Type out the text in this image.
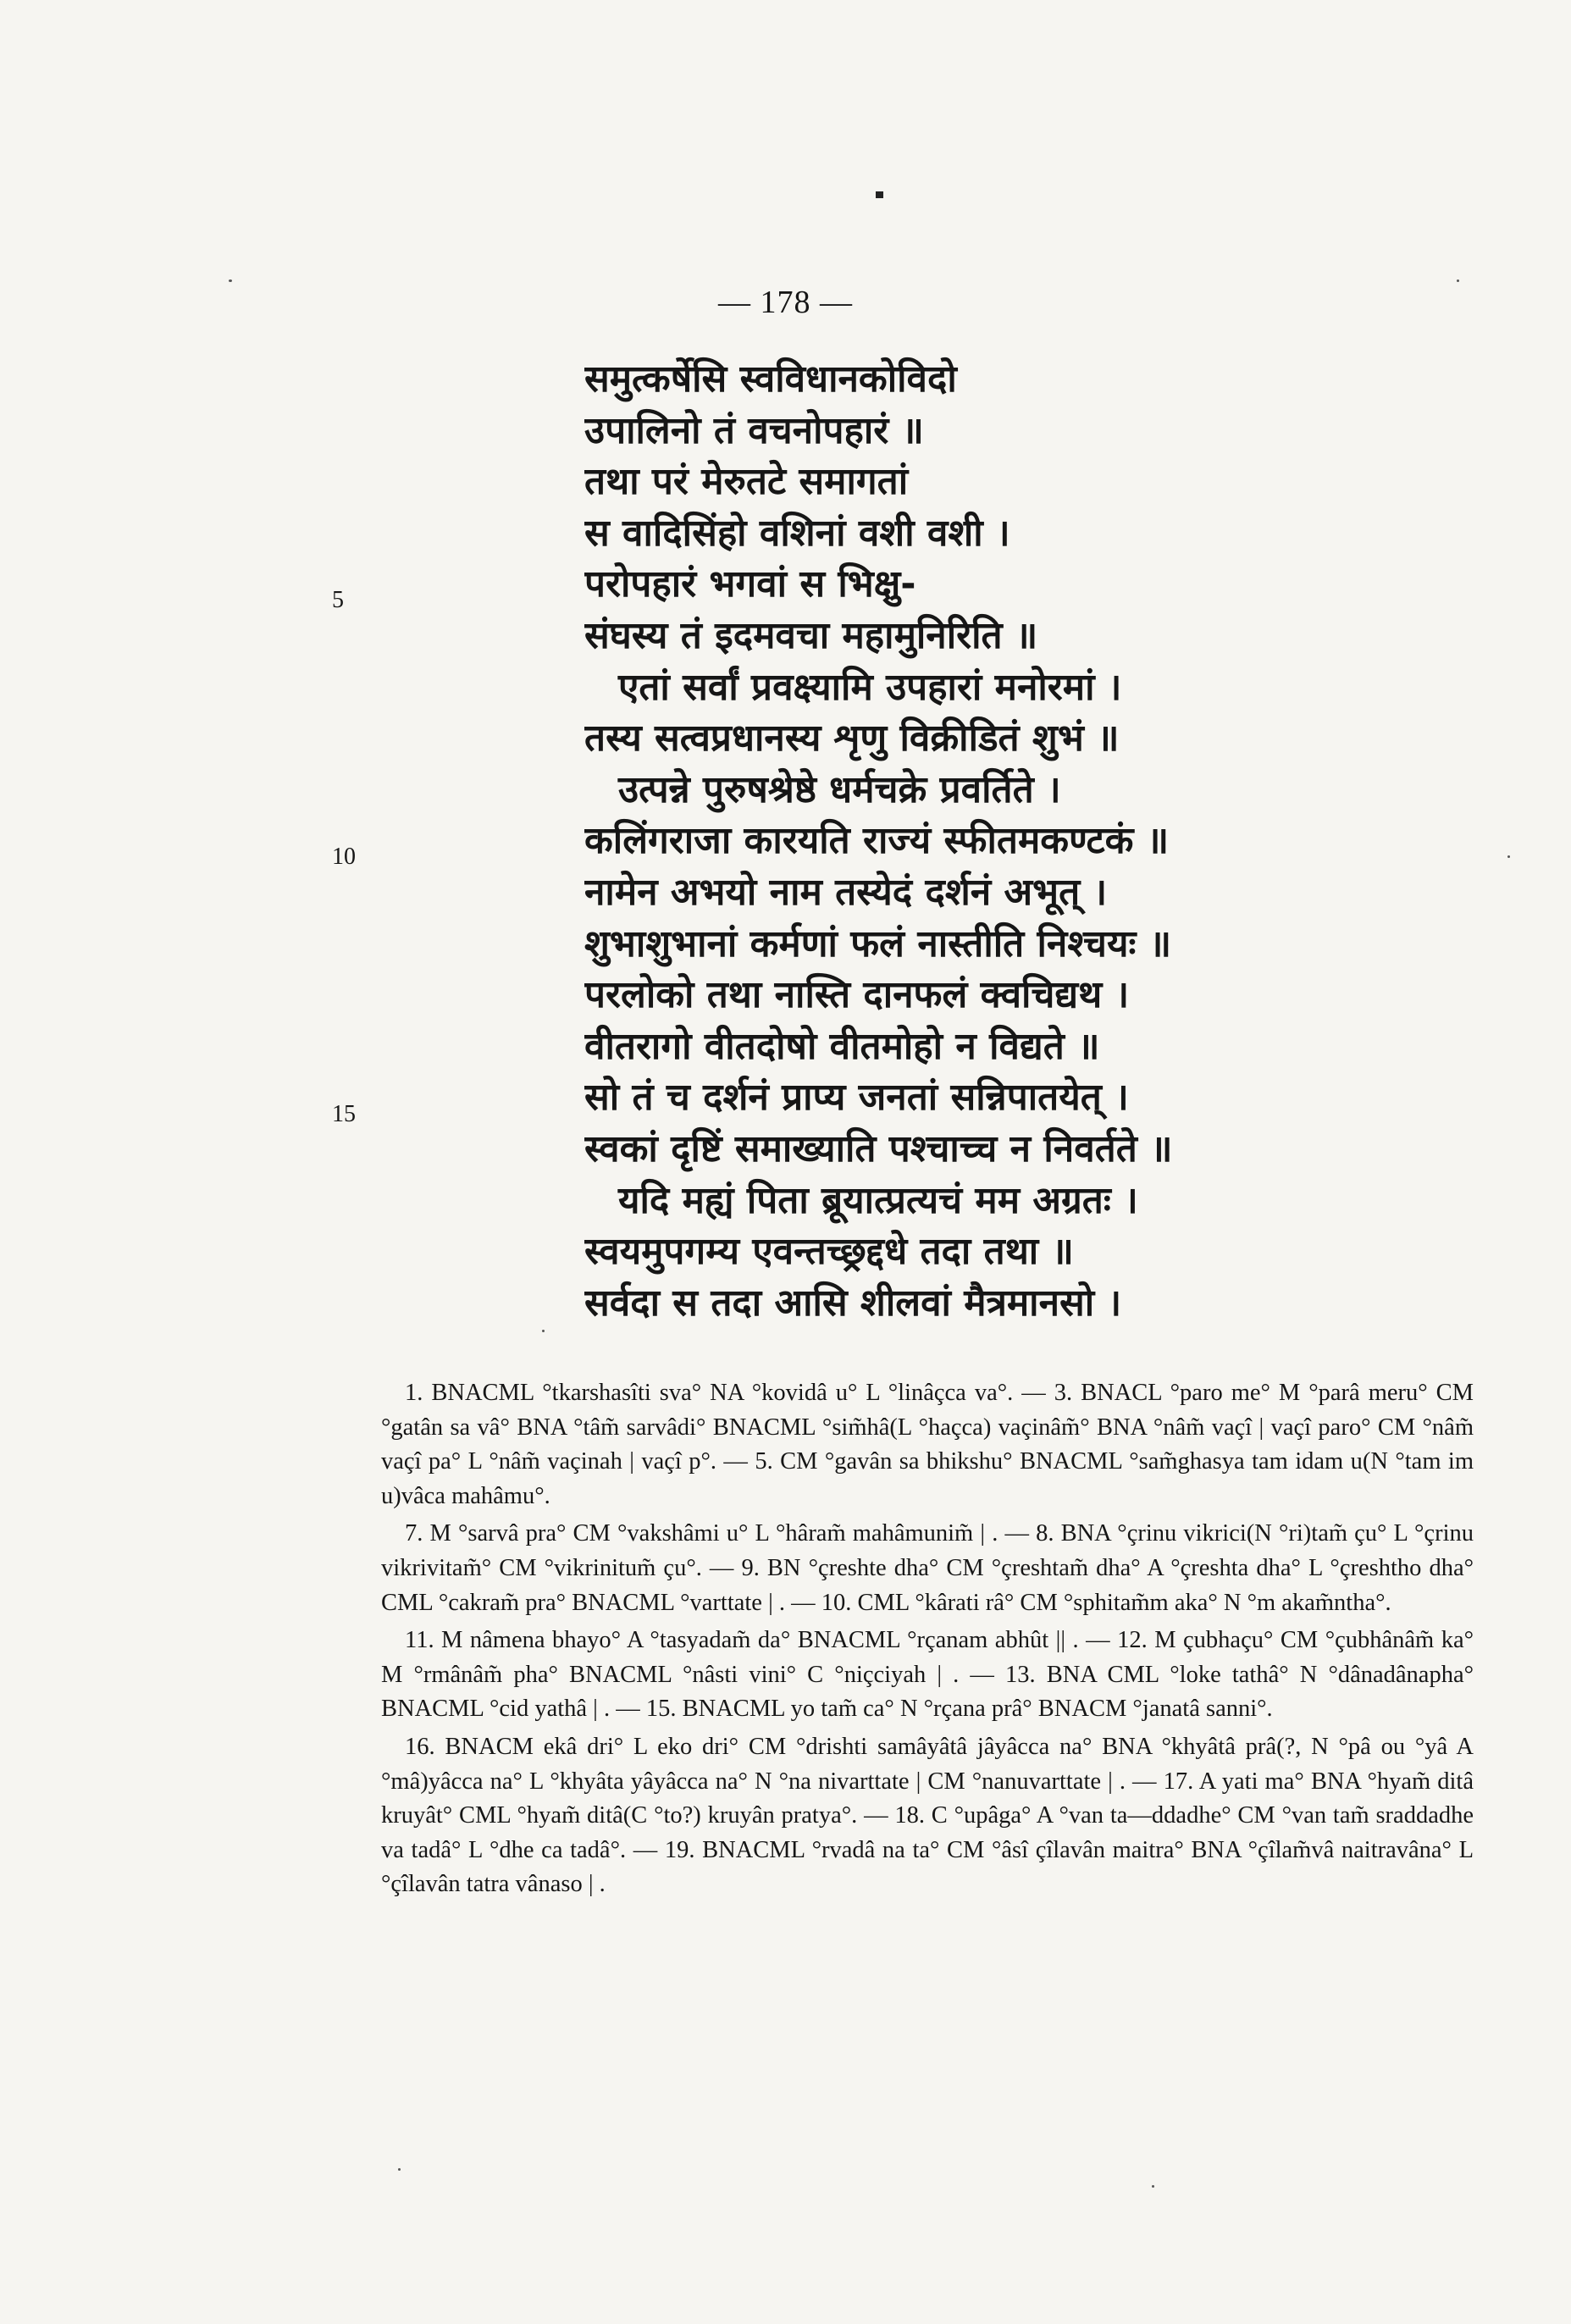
— 178 —
समुत्कर्षेसि स्वविधानकोविदो
उपालिनो तं वचनोपहारं ॥
तथा परं मेरुतटे समागतां
स वादिसिंहो वशिनां वशी वशी ।
परोपहारं भगवां स भिक्षु-
संघस्य तं इदमवचा महामुनिरिति ॥
एतां सर्वां प्रवक्ष्यामि उपहारां मनोरमां ।
तस्य सत्वप्रधानस्य शृणु विक्रीडितं शुभं ॥
उत्पन्ने पुरुषश्रेष्ठे धर्मचक्रे प्रवर्तिते ।
कलिंगराजा कारयति राज्यं स्फीतमकण्टकं ॥
नामेन अभयो नाम तस्येदं दर्शनं अभूत् ।
शुभाशुभानां कर्मणां फलं नास्तीति निश्चयः ॥
परलोको तथा नास्ति दानफलं क्वचिद्यथ ।
वीतरागो वीतदोषो वीतमोहो न विद्यते ॥
सो तं च दर्शनं प्राप्य जनतां सन्निपातयेत् ।
स्वकां दृष्टिं समाख्याति पश्चाच्च न निवर्तते ॥
यदि मह्यं पिता ब्रूयात्प्रत्यचं मम अग्रतः ।
स्वयमुपगम्य एवन्तच्छ्रद्दधे तदा तथा ॥
सर्वदा स तदा आसि शीलवां मैत्रमानसो ।
5
10
15

1. BNACML °tkarshasîti sva° NA °kovidâ u° L °linâçca va°. — 3. BNACL °paro me° M °parâ meru° CM °gatân sa vâ° BNA °tâm̃ sarvâdi° BNACML °sim̃hâ(L °haçca) vaçinâm̃° BNA °nâm̃ vaçî | vaçî paro° CM °nâm̃ vaçî pa° L °nâm̃ vaçinah | vaçî p°. — 5. CM °gavân sa bhikshu° BNACML °sam̃ghasya tam idam u(N °tam im u)vâca mahâmu°.

7. M °sarvâ pra° CM °vakshâmi u° L °hâram̃ mahâmunim̃ | . — 8. BNA °çrinu vikrici(N °ri)tam̃ çu° L °çrinu vikrivitam̃° CM °vikrinitum̃ çu°. — 9. BN °çreshte dha° CM °çreshtam̃ dha° A °çreshta dha° L °çreshtho dha° CML °cakram̃ pra° BNACML °varttate | . — 10. CML °kârati râ° CM °sphitam̃m aka° N °m akam̃ntha°.

11. M nâmena bhayo° A °tasyadam̃ da° BNACML °rçanam abhût || . — 12. M çubhaçu° CM °çubhânâm̃ ka° M °rmânâm̃ pha° BNACML °nâsti vini° C °niçciyah | . — 13. BNA CML °loke tathâ° N °dânadânapha° BNACML °cid yathâ | . — 15. BNACML yo tam̃ ca° N °rçana prâ° BNACM °janatâ sanni°.

16. BNACM ekâ dri° L eko dri° CM °drishti samâyâtâ jâyâcca na° BNA °khyâtâ prâ(?, N °pâ ou °yâ A °mâ)yâcca na° L °khyâta yâyâcca na° N °na nivarttate | CM °nanuvarttate | . — 17. A yati ma° BNA °hyam̃ ditâ kruyât° CML °hyam̃ ditâ(C °to?) kruyân pratya°. — 18. C °upâga° A °van ta—ddadhe° CM °van tam̃ sraddadhe va tadâ° L °dhe ca tadâ°. — 19. BNACML °rvadâ na ta° CM °âsî çîlavân maitra° BNA °çîlam̃vâ naitravâna° L °çîlavân tatra vânaso | .
